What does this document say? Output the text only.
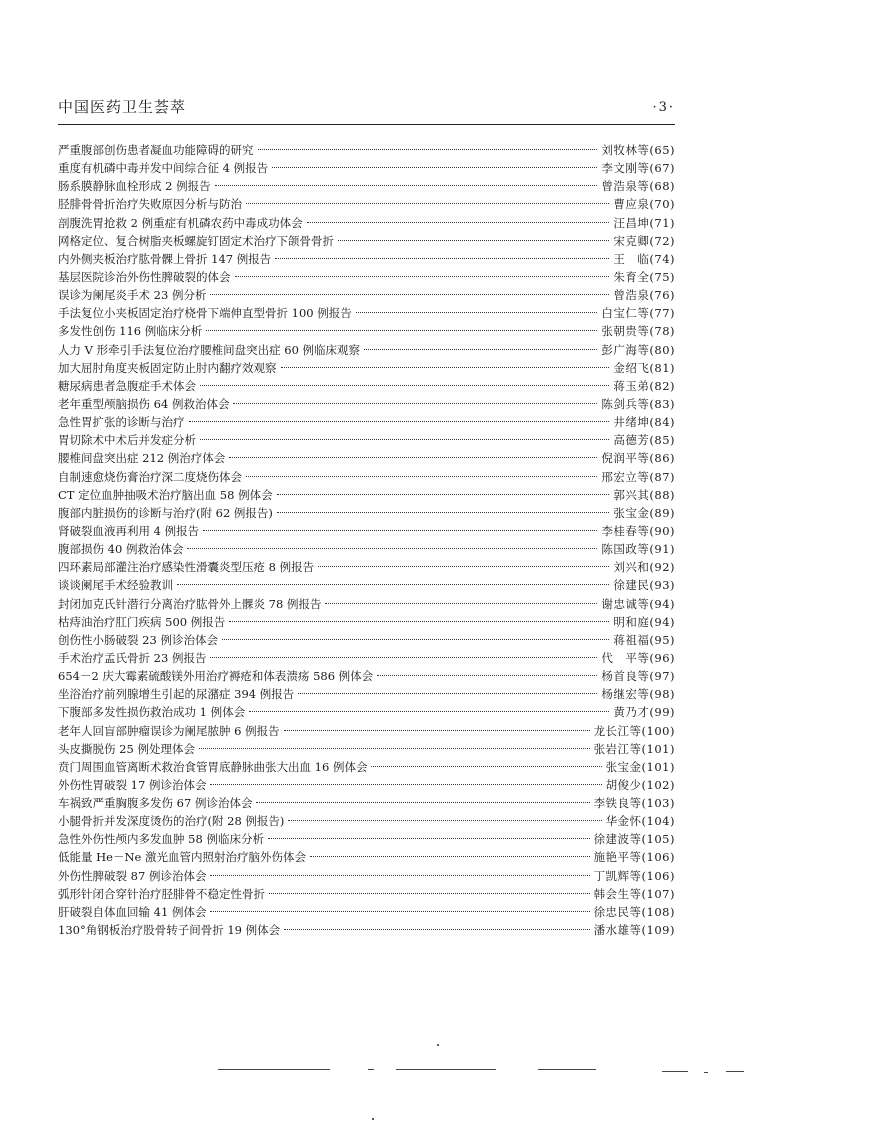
中国医药卫生荟萃	·3·
严重腹部创伤患者凝血功能障碍的研究	刘牧林等(65)
重度有机磷中毒并发中间综合征 4 例报告	李文刚等(67)
肠系膜静脉血栓形成 2 例报告	曾浩泉等(68)
胫腓骨骨折治疗失败原因分析与防治	曹应泉(70)
剖腹洗胃抢救 2 例重症有机磷农药中毒成功体会	汪昌坤(71)
网格定位、复合树脂夹板螺旋钉固定术治疗下颌骨骨折	宋克卿(72)
内外侧夹板治疗肱骨髁上骨折 147 例报告	王　临(74)
基层医院诊治外伤性脾破裂的体会	朱育全(75)
误诊为阑尾炎手术 23 例分析	曾浩泉(76)
手法复位小夹板固定治疗桡骨下端伸直型骨折 100 例报告	白宝仁等(77)
多发性创伤 116 例临床分析	张朝贵等(78)
人力 V 形牵引手法复位治疗腰椎间盘突出症 60 例临床观察	彭广海等(80)
加大屈肘角度夹板固定防止肘内翻疗效观察	金绍飞(81)
糖尿病患者急腹症手术体会	蒋玉弟(82)
老年重型颅脑损伤 64 例救治体会	陈剑兵等(83)
急性胃扩张的诊断与治疗	井绪坤(84)
胃切除术中术后并发症分析	高德芳(85)
腰椎间盘突出症 212 例治疗体会	倪润平等(86)
自制速愈烧伤膏治疗深二度烧伤体会	邢宏立等(87)
CT 定位血肿抽吸术治疗脑出血 58 例体会	郭兴其(88)
腹部内脏损伤的诊断与治疗(附 62 例报告)	张宝金(89)
肾破裂血液再利用 4 例报告	李桂春等(90)
腹部损伤 40 例救治体会	陈国政等(91)
四环素局部灌注治疗感染性滑囊炎型压疮 8 例报告	刘兴和(92)
谈谈阑尾手术经验教训	徐建民(93)
封闭加克氏针潜行分离治疗肱骨外上髁炎 78 例报告	谢忠诚等(94)
枯痔油治疗肛门疾病 500 例报告	明和庭(94)
创伤性小肠破裂 23 例诊治体会	蒋祖福(95)
手术治疗孟氏骨折 23 例报告	代　平等(96)
654－2 庆大霉素硫酸镁外用治疗褥疮和体表溃疡 586 例体会	杨首良等(97)
坐浴治疗前列腺增生引起的尿潴症 394 例报告	杨继宏等(98)
下腹部多发性损伤救治成功 1 例体会	黄乃才(99)
老年人回盲部肿瘤误诊为阑尾脓肿 6 例报告	龙长江等(100)
头皮撕脱伤 25 例处理体会	张岩江等(101)
贲门周围血管离断术救治食管胃底静脉曲张大出血 16 例体会	张宝金(101)
外伤性胃破裂 17 例诊治体会	胡俊少(102)
车祸致严重胸腹多发伤 67 例诊治体会	李铁良等(103)
小腿骨折并发深度烫伤的治疗(附 28 例报告)	华金怀(104)
急性外伤性颅内多发血肿 58 例临床分析	徐建波等(105)
低能量 He－Ne 激光血管内照射治疗脑外伤体会	施艳平等(106)
外伤性脾破裂 87 例诊治体会	丁凯辉等(106)
弧形针闭合穿针治疗胫腓骨不稳定性骨折	韩会生等(107)
肝破裂自体血回输 41 例体会	徐忠民等(108)
130°角钢板治疗股骨转子间骨折 19 例体会	潘水雄等(109)
